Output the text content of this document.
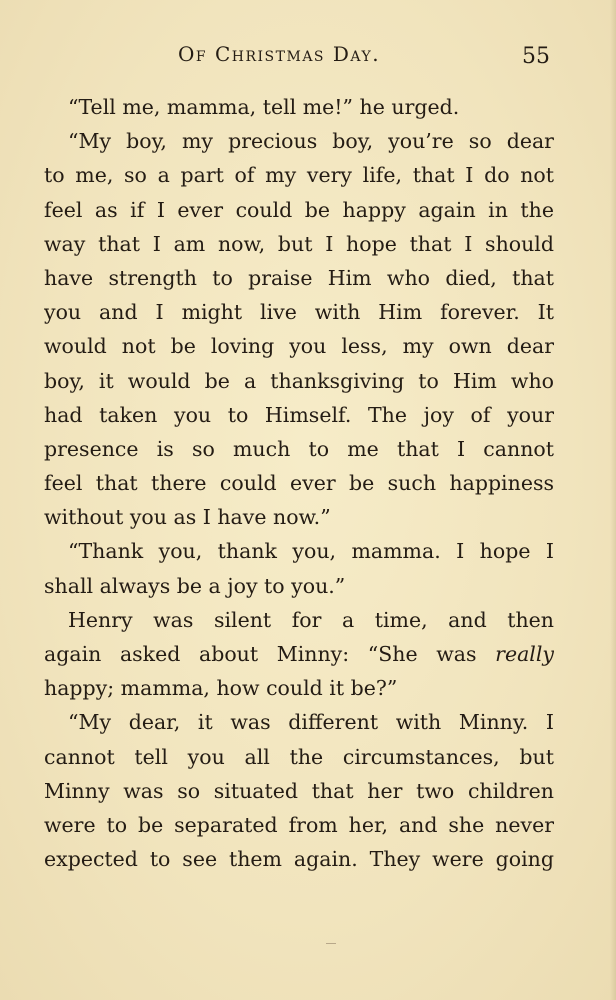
Of Christmas Day.	55
“Tell me, mamma, tell me!” he urged.
“My boy, my precious boy, you’re so dear
to me, so a part of my very life, that I do not
feel as if I ever could be happy again in the
way that I am now, but I hope that I should
have strength to praise Him who died, that
you and I might live with Him forever. It
would not be loving you less, my own dear
boy, it would be a thanksgiving to Him who
had taken you to Himself. The joy of your
presence is so much to me that I cannot
feel that there could ever be such happiness
without you as I have now.”
“Thank you, thank you, mamma. I hope I
shall always be a joy to you.”
Henry was silent for a time, and then
again asked about Minny: “She was really
happy; mamma, how could it be?”
“My dear, it was different with Minny. I
cannot tell you all the circumstances, but
Minny was so situated that her two children
were to be separated from her, and she never
expected to see them again. They were going
